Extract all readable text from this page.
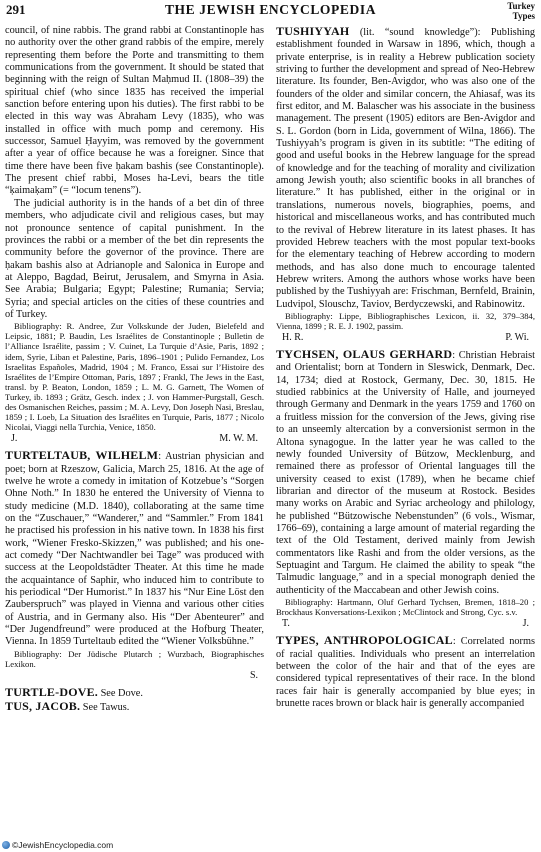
291	THE JEWISH ENCYCLOPEDIA	Turkey
Types

council, of nine rabbis. The grand rabbi at Constantinople has no authority over the other grand rabbis of the empire, merely representing them before the Porte and transmitting to them communications from the government. It should be stated that beginning with the reign of Sultan Maḥmud II. (1808–39) the spiritual chief (who since 1835 has received the imperial sanction before entering upon his duties). The first rabbi to be elected in this way was Abraham Levy (1835), who was installed in office with much pomp and ceremony. His successor, Samuel Ḥayyim, was removed by the government after a year of office because he was a foreigner. Since that time there have been five ḥakam bashis (see Constantinople). The present chief rabbi, Moses ha-Levi, bears the title “ḳaimaḳam” (= “locum tenens”).

The judicial authority is in the hands of a bet din of three members, who adjudicate civil and religious cases, but may not pronounce sentence of capital punishment. In the provinces the rabbi or a member of the bet din represents the community before the governor of the province. There are ḥakam bashis also at Adrianople and Salonica in Europe and at Aleppo, Bagdad, Beirut, Jerusalem, and Smyrna in Asia. See Arabia; Bulgaria; Egypt; Palestine; Rumania; Servia; Syria; and special articles on the cities of these countries and of Turkey.

Bibliography: R. Andree, Zur Volkskunde der Juden, Bielefeld and Leipsic, 1881; P. Baudin, Les Israélites de Constantinople ; Bulletin de l’Alliance Israélite, passim ; V. Cuinet, La Turquie d’Asie, Paris, 1892 ; idem, Syrie, Liban et Palestine, Paris, 1896–1901 ; Pulido Fernandez, Los Israelitas Españoles, Madrid, 1904 ; M. Franco, Essai sur l’Histoire des Israélites de l’Empire Ottoman, Paris, 1897 ; Frankl, The Jews in the East, transl. by P. Beaton, London, 1859 ; L. M. G. Garnett, The Women of Turkey, ib. 1893 ; Grätz, Gesch. index ; J. von Hammer-Purgstall, Gesch. des Osmanischen Reiches, passim ; M. A. Levy, Don Joseph Nasi, Breslau, 1859 ; I. Loeb, La Situation des Israélites en Turquie, Paris, 1877 ; Nicolo Nicolai, Viaggi nella Turchia, Venice, 1850.

J.	M. W. M.

TURTELTAUB, WILHELM: Austrian physician and poet; born at Rzeszow, Galicia, March 25, 1816. At the age of twelve he wrote a comedy in imitation of Kotzebue’s “Sorgen Ohne Noth.” In 1830 he entered the University of Vienna to study medicine (M.D. 1840), collaborating at the same time on the “Zuschauer,” “Wanderer,” and “Sammler.” From 1841 he practised his profession in his native town. In 1838 his first work, “Wiener Fresko-Skizzen,” was published; and his one-act comedy “Der Nachtwandler bei Tage” was produced with success at the Leopoldstädter Theater. At this time he made the acquaintance of Saphir, who induced him to contribute to his periodical “Der Humorist.” In 1837 his “Nur Eine Löst den Zauberspruch” was played in Vienna and various other cities of Austria, and in Germany also. His “Der Abenteurer” and “Der Jugendfreund” were produced at the Hofburg Theater, Vienna. In 1859 Turteltaub edited the “Wiener Volksbühne.”

Bibliography: Der Jüdische Plutarch ; Wurzbach, Biographisches Lexikon.

S.

TURTLE-DOVE. See Dove.

TUS, JACOB. See Tawus.

TUSHIYYAH (lit. “sound knowledge”): Publishing establishment founded in Warsaw in 1896, which, though a private enterprise, is in reality a Hebrew publication society striving to further the development and spread of Neo-Hebrew literature. Its founder, Ben-Avigdor, who was also one of the founders of the older and similar concern, the Ahiasaf, was its first editor, and M. Balascher was his associate in the business management. The present (1905) editors are Ben-Avigdor and S. L. Gordon (born in Lida, government of Wilna, 1866). The Tushiyyah’s program is given in its subtitle: “The editing of good and useful books in the Hebrew language for the spread of knowledge and for the teaching of morality and civilization among Jewish youth; also scientific books in all branches of literature.” It has published, either in the original or in translations, numerous novels, biographies, poems, and historical and miscellaneous works, and has contributed much to the revival of Hebrew literature in its latest phases. It has provided Hebrew teachers with the most popular text-books for the elementary teaching of Hebrew according to modern methods, and has also done much to encourage talented Hebrew writers. Among the authors whose works have been published by the Tushiyyah are: Frischman, Bernfeld, Brainin, Ludvipol, Slouschz, Taviov, Berdyczewski, and Rabinowitz.

Bibliography: Lippe, Bibliographisches Lexicon, ii. 32, 379–384, Vienna, 1899 ; R. E. J. 1902, passim.

H. R.	P. Wi.

TYCHSEN, OLAUS GERHARD: Christian Hebraist and Orientalist; born at Tondern in Sleswick, Denmark, Dec. 14, 1734; died at Rostock, Germany, Dec. 30, 1815. He studied rabbinics at the University of Halle, and journeyed through Germany and Denmark in the years 1759 and 1760 on a fruitless mission for the conversion of the Jews, giving rise to an unseemly altercation by a conversionist sermon in the Altona synagogue. In the latter year he was called to the newly founded University of Bützow, Mecklenburg, and remained there as professor of Oriental languages till the university ceased to exist (1789), when he became chief librarian and director of the museum at Rostock. Besides many works on Arabic and Syriac archeology and philology, he published “Bützowische Nebenstunden” (6 vols., Wismar, 1766–69), containing a large amount of material regarding the text of the Old Testament, derived mainly from Jewish commentators like Rashi and from the older versions, as the Septuagint and Targum. He claimed the ability to speak “the Talmudic language,” and in a special monograph denied the authenticity of the Maccabean and other Jewish coins.

Bibliography: Hartmann, Oluf Gerhard Tychsen, Bremen, 1818–20 ; Brockhaus Konversations-Lexikon ; McClintock and Strong, Cyc. s.v.

T.	J.

TYPES, ANTHROPOLOGICAL: Correlated norms of racial qualities. Individuals who present an interrelation between the color of the hair and that of the eyes are considered typical representatives of their race. In the blond races fair hair is generally accompanied by blue eyes; in brunette races brown or black hair is generally accompanied

©JewishEncyclopedia.com
